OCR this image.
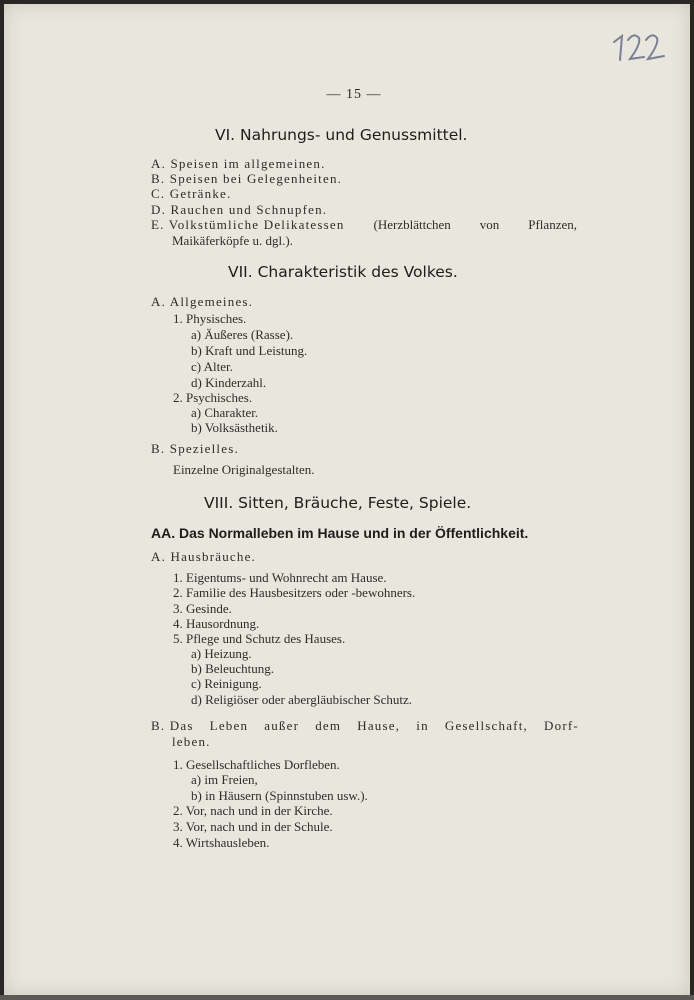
— 15 —
VI. Nahrungs- und Genussmittel.
A. Speisen im allgemeinen.
B. Speisen bei Gelegenheiten.
C. Getränke.
D. Rauchen und Schnupfen.
E. Volkstümliche Delikatessen (Herzblättchen von Pflanzen,
Maikäferköpfe u. dgl.).
VII. Charakteristik des Volkes.
A. Allgemeines.
1. Physisches.
a) Äußeres (Rasse).
b) Kraft und Leistung.
c) Alter.
d) Kinderzahl.
2. Psychisches.
a) Charakter.
b) Volksästhetik.
B. Spezielles.
Einzelne Originalgestalten.
VIII. Sitten, Bräuche, Feste, Spiele.
AA. Das Normalleben im Hause und in der Öffentlichkeit.
A. Hausbräuche.
1. Eigentums- und Wohnrecht am Hause.
2. Familie des Hausbesitzers oder -bewohners.
3. Gesinde.
4. Hausordnung.
5. Pflege und Schutz des Hauses.
a) Heizung.
b) Beleuchtung.
c) Reinigung.
d) Religiöser oder abergläubischer Schutz.
B. Das Leben außer dem Hause, in Gesellschaft, Dorf-
leben.
1. Gesellschaftliches Dorfleben.
a) im Freien,
b) in Häusern (Spinnstuben usw.).
2. Vor, nach und in der Kirche.
3. Vor, nach und in der Schule.
4. Wirtshausleben.
